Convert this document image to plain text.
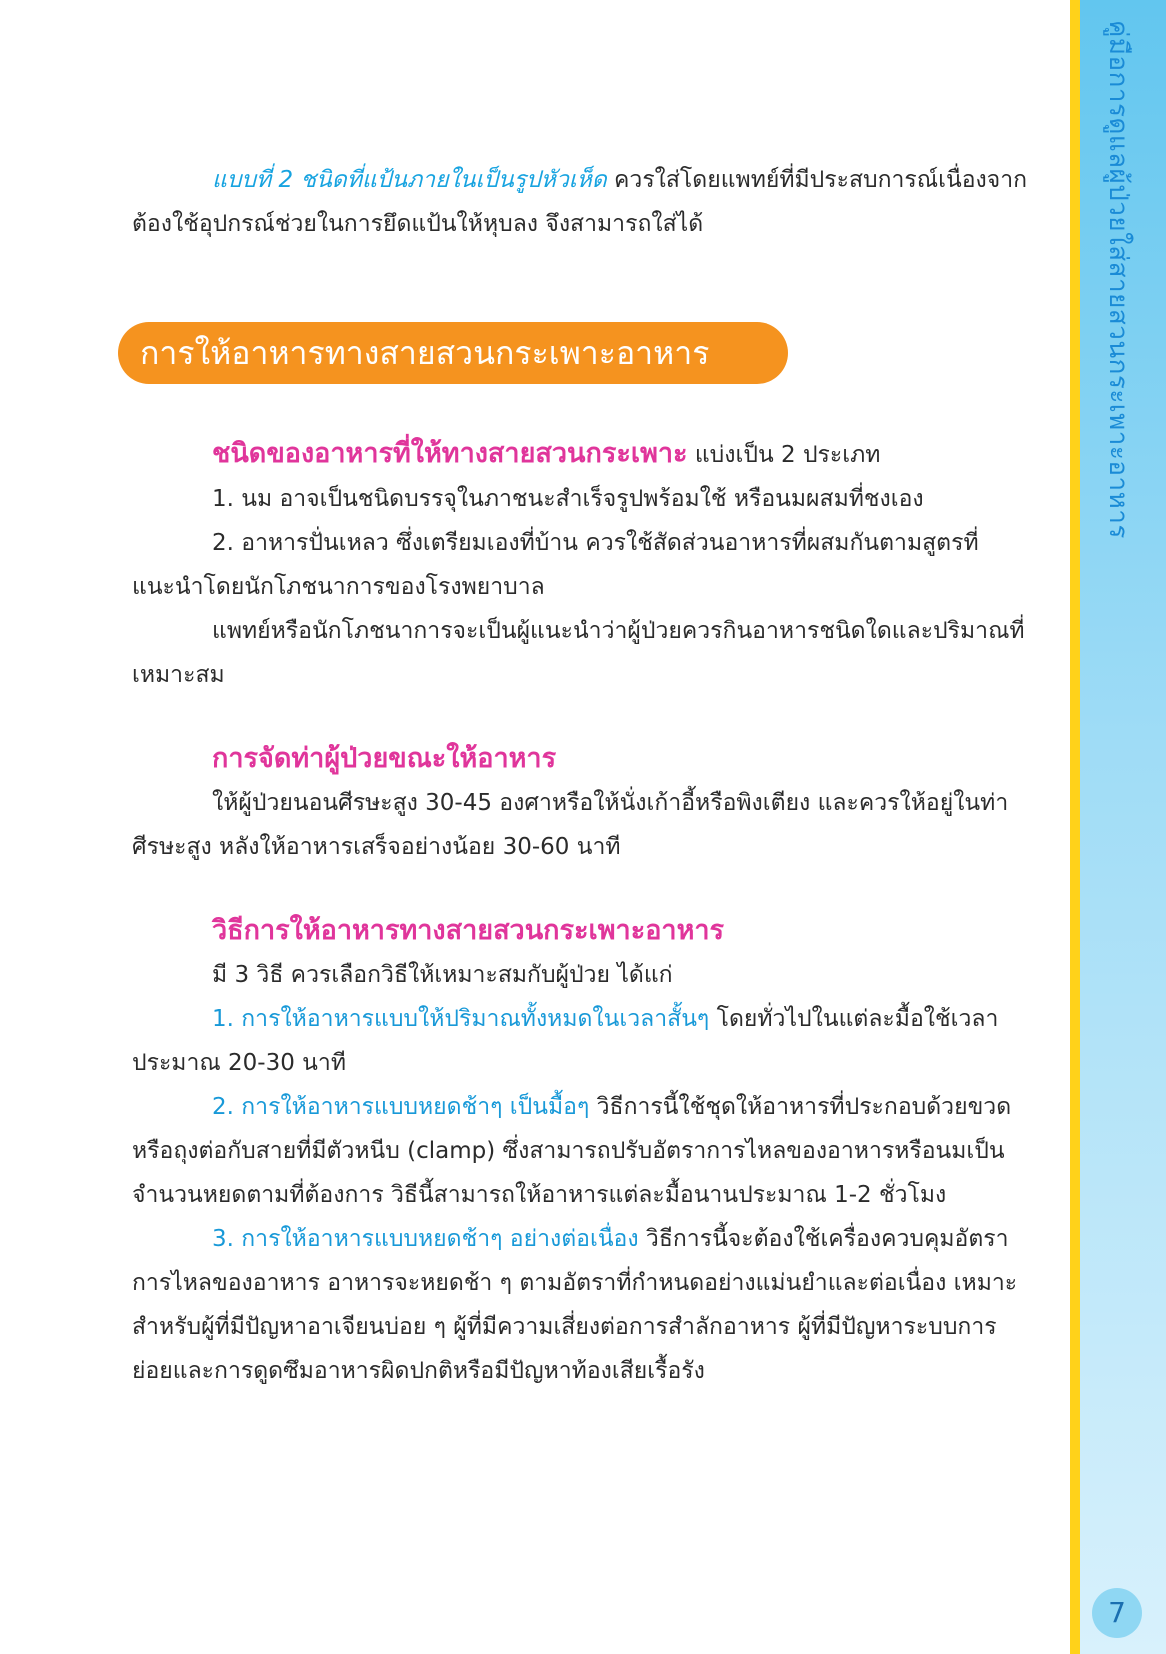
คู่มือการดูแลผู้ป่วยใส่สายสวนกระเพาะอาหาร
7
การให้อาหารทางสายสวนกระเพาะอาหาร

แบบที่ 2 ชนิดที่แป้นภายในเป็นรูปหัวเห็ด ควรใส่โดยแพทย์ที่มีประสบการณ์เนื่องจากต้องใช้อุปกรณ์ช่วยในการยึดแป้นให้หุบลง จึงสามารถใส่ได้

ชนิดของอาหารที่ให้ทางสายสวนกระเพาะ แบ่งเป็น 2 ประเภท

1. นม อาจเป็นชนิดบรรจุในภาชนะสำเร็จรูปพร้อมใช้ หรือนมผสมที่ชงเอง

2. อาหารปั่นเหลว ซึ่งเตรียมเองที่บ้าน ควรใช้สัดส่วนอาหารที่ผสมกันตามสูตรที่แนะนำโดยนักโภชนาการของโรงพยาบาล

แพทย์หรือนักโภชนาการจะเป็นผู้แนะนำว่าผู้ป่วยควรกินอาหารชนิดใดและปริมาณที่เหมาะสม

การจัดท่าผู้ป่วยขณะให้อาหาร

ให้ผู้ป่วยนอนศีรษะสูง 30-45 องศาหรือให้นั่งเก้าอี้หรือพิงเตียง และควรให้อยู่ในท่าศีรษะสูง หลังให้อาหารเสร็จอย่างน้อย 30-60 นาที

วิธีการให้อาหารทางสายสวนกระเพาะอาหาร

มี 3 วิธี ควรเลือกวิธีให้เหมาะสมกับผู้ป่วย ได้แก่

1. การให้อาหารแบบให้ปริมาณทั้งหมดในเวลาสั้นๆ โดยทั่วไปในแต่ละมื้อใช้เวลาประมาณ 20-30 นาที

2. การให้อาหารแบบหยดช้าๆ เป็นมื้อๆ วิธีการนี้ใช้ชุดให้อาหารที่ประกอบด้วยขวดหรือถุงต่อกับสายที่มีตัวหนีบ (clamp) ซึ่งสามารถปรับอัตราการไหลของอาหารหรือนมเป็นจำนวนหยดตามที่ต้องการ วิธีนี้สามารถให้อาหารแต่ละมื้อนานประมาณ 1-2 ชั่วโมง

3. การให้อาหารแบบหยดช้าๆ อย่างต่อเนื่อง วิธีการนี้จะต้องใช้เครื่องควบคุมอัตราการไหลของอาหาร อาหารจะหยดช้า ๆ ตามอัตราที่กำหนดอย่างแม่นยำและต่อเนื่อง เหมาะสำหรับผู้ที่มีปัญหาอาเจียนบ่อย ๆ ผู้ที่มีความเสี่ยงต่อการสำลักอาหาร ผู้ที่มีปัญหาระบบการย่อยและการดูดซึมอาหารผิดปกติหรือมีปัญหาท้องเสียเรื้อรัง
